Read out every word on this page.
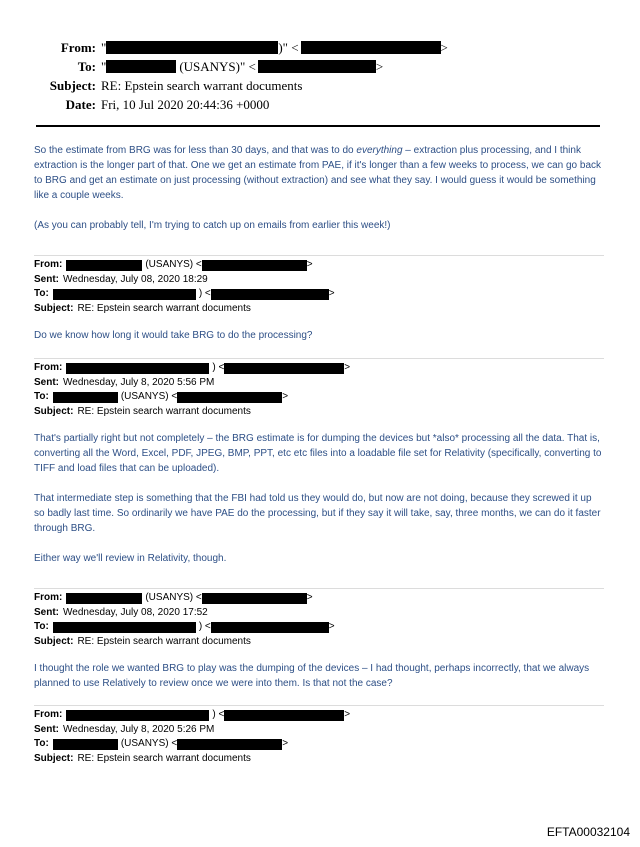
From: "	)" <	>
To: "	(USANYS)" <	>
Subject: RE: Epstein search warrant documents
Date: Fri, 10 Jul 2020 20:44:36 +0000

So the estimate from BRG was for less than 30 days, and that was to do everything – extraction plus processing, and I think extraction is the longer part of that. One we get an estimate from PAE, if it's longer than a few weeks to process, we can go back to BRG and get an estimate on just processing (without extraction) and see what they say. I would guess it would be something like a couple weeks.

(As you can probably tell, I'm trying to catch up on emails from earlier this week!)

From:	(USANYS) <	>
Sent: Wednesday, July 08, 2020 18:29
To:	) <	>
Subject: RE: Epstein search warrant documents

Do we know how long it would take BRG to do the processing?

From:	) <	>
Sent: Wednesday, July 8, 2020 5:56 PM
To:	(USANYS) <	>
Subject: RE: Epstein search warrant documents

That's partially right but not completely – the BRG estimate is for dumping the devices but *also* processing all the data. That is, converting all the Word, Excel, PDF, JPEG, BMP, PPT, etc etc files into a loadable file set for Relativity (specifically, converting to TIFF and load files that can be uploaded).

That intermediate step is something that the FBI had told us they would do, but now are not doing, because they screwed it up so badly last time. So ordinarily we have PAE do the processing, but if they say it will take, say, three months, we can do it faster through BRG.

Either way we'll review in Relativity, though.

From:	(USANYS) <	>
Sent: Wednesday, July 08, 2020 17:52
To:	) <	>
Subject: RE: Epstein search warrant documents

I thought the role we wanted BRG to play was the dumping of the devices – I had thought, perhaps incorrectly, that we always planned to use Relatively to review once we were into them. Is that not the case?

From:	) <	>
Sent: Wednesday, July 8, 2020 5:26 PM
To:	(USANYS) <	>
Subject: RE: Epstein search warrant documents
EFTA00032104
